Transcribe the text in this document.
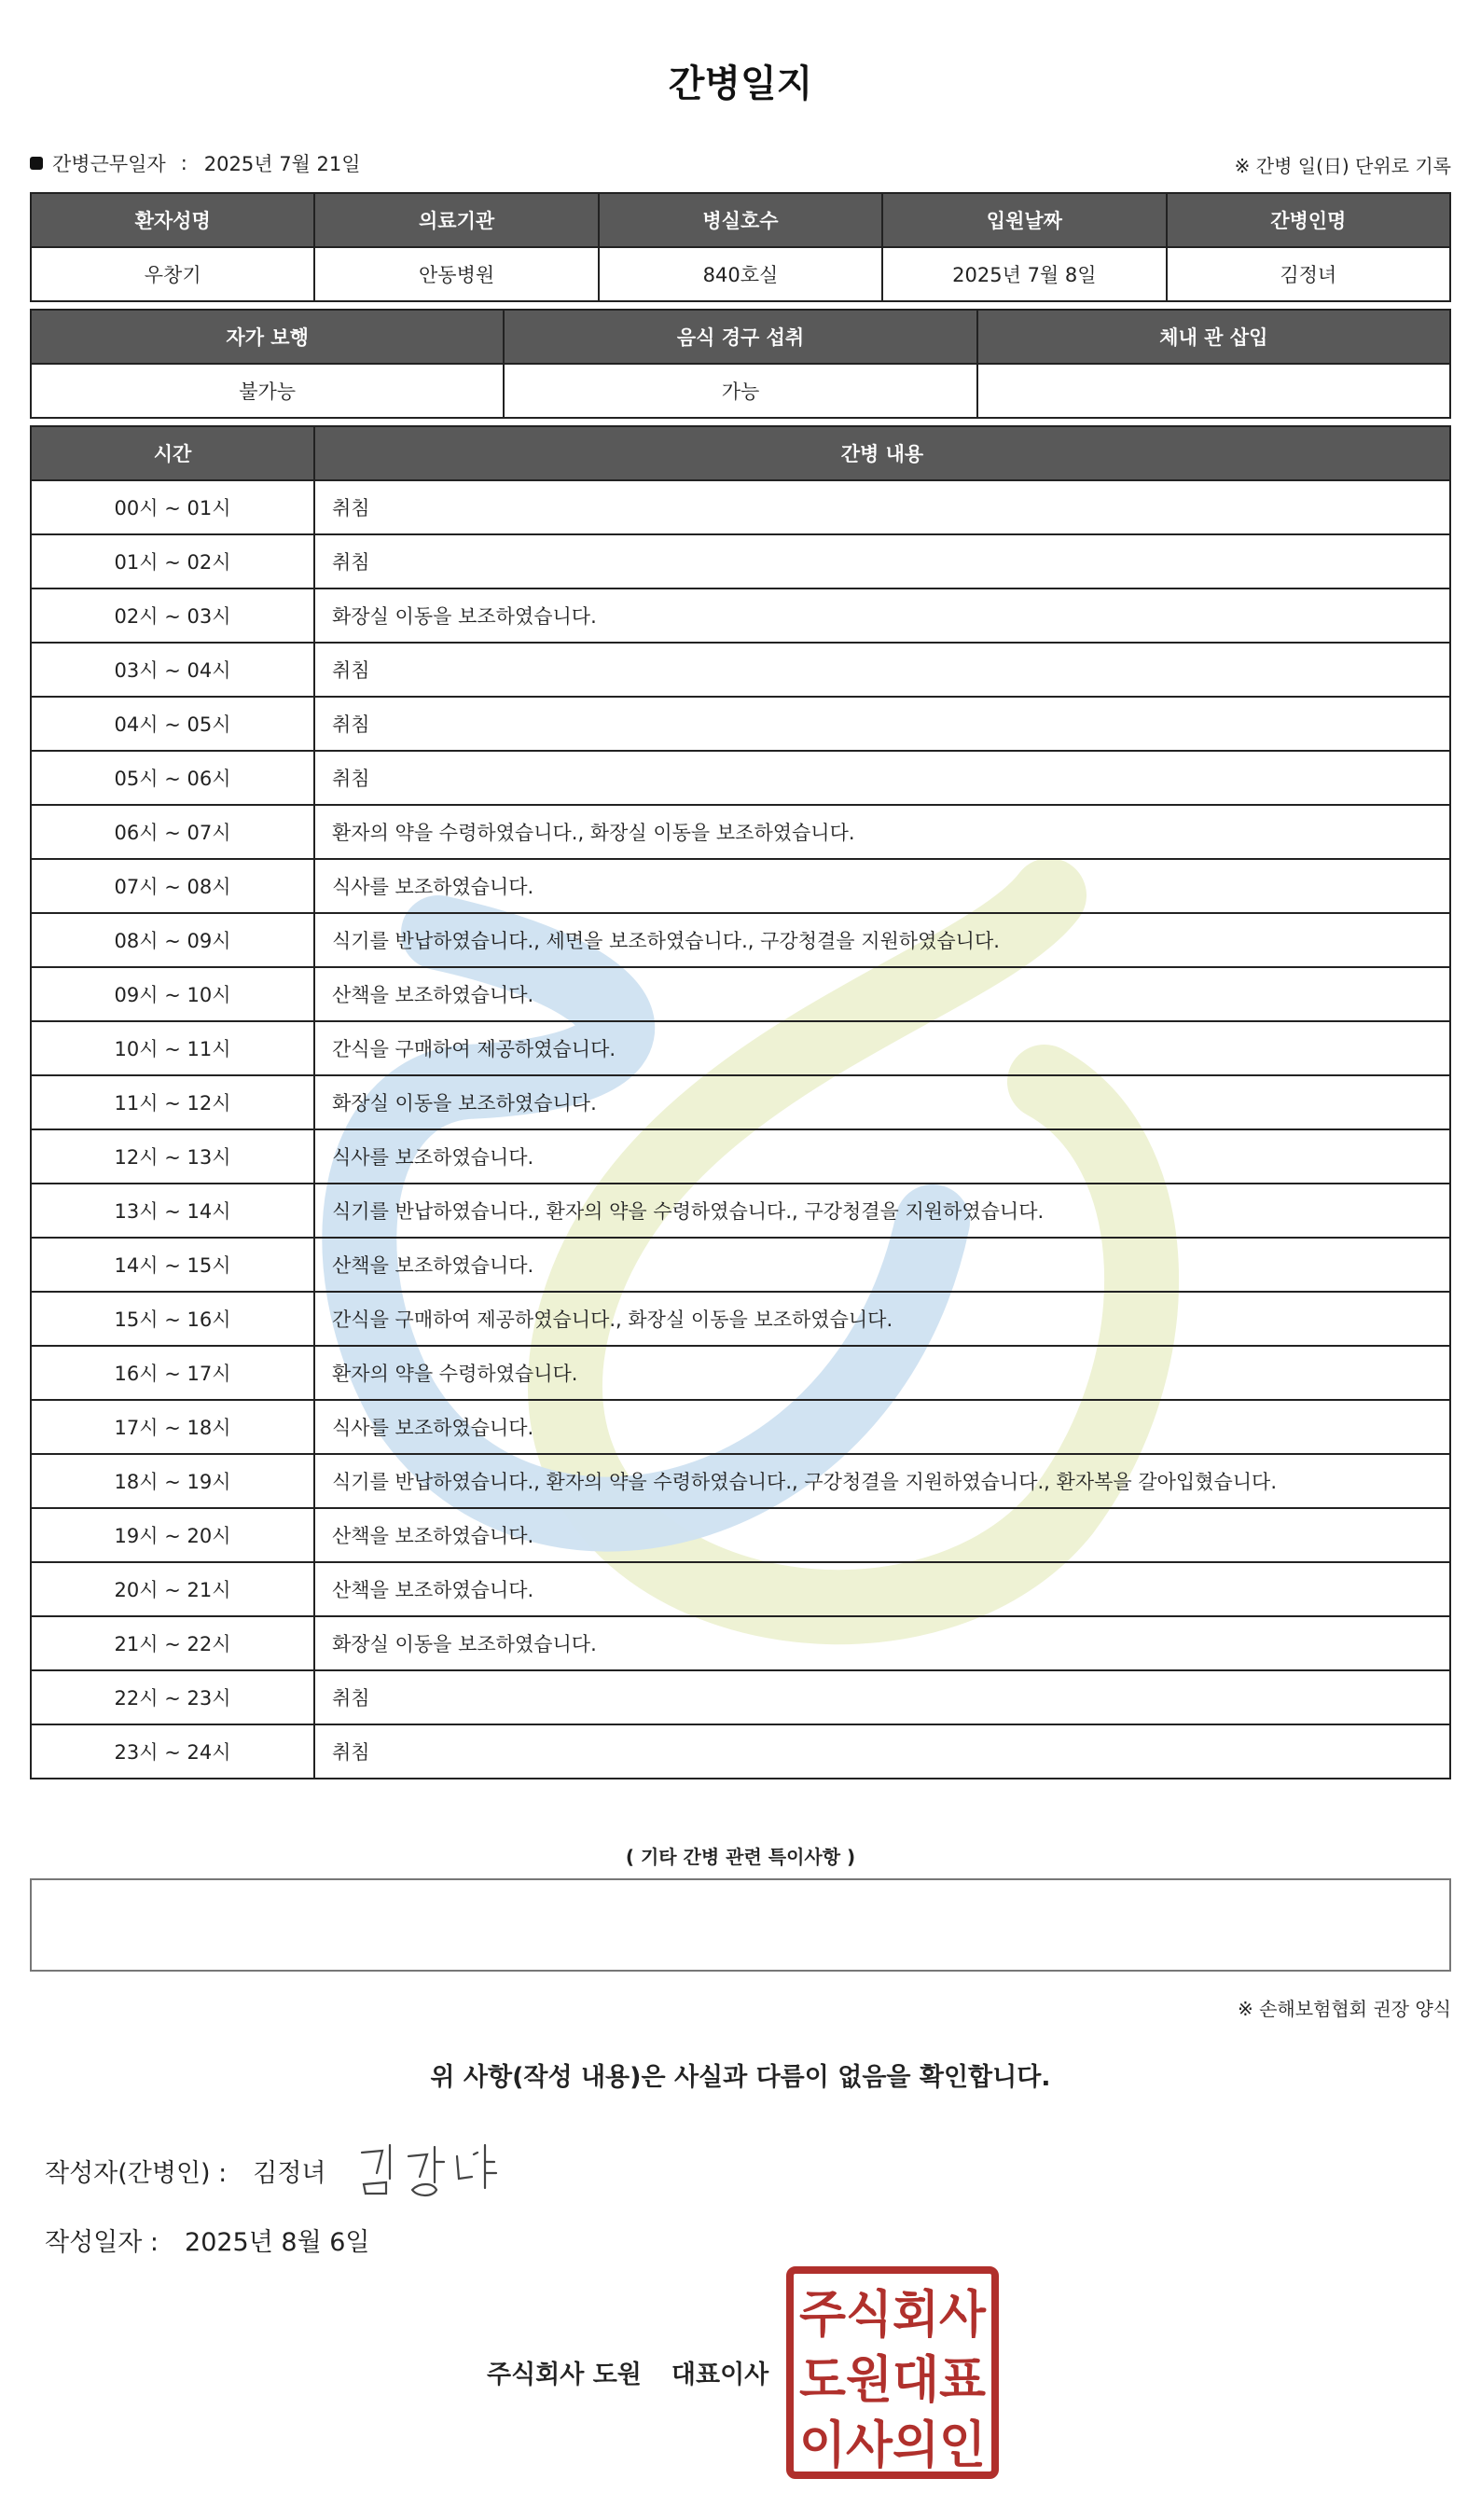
간병일지
간병근무일자 : 2025년 7월 21일	※ 간병 일(日) 단위로 기록
환자성명	의료기관	병실호수	입원날짜	간병인명
우창기	안동병원	840호실	2025년 7월 8일	김정녀
자가 보행	음식 경구 섭취	체내 관 삽입
불가능	가능	
시간	간병 내용
00시 ~ 01시	취침
01시 ~ 02시	취침
02시 ~ 03시	화장실 이동을 보조하였습니다.
03시 ~ 04시	취침
04시 ~ 05시	취침
05시 ~ 06시	취침
06시 ~ 07시	환자의 약을 수령하였습니다., 화장실 이동을 보조하였습니다.
07시 ~ 08시	식사를 보조하였습니다.
08시 ~ 09시	식기를 반납하였습니다., 세면을 보조하였습니다., 구강청결을 지원하였습니다.
09시 ~ 10시	산책을 보조하였습니다.
10시 ~ 11시	간식을 구매하여 제공하였습니다.
11시 ~ 12시	화장실 이동을 보조하였습니다.
12시 ~ 13시	식사를 보조하였습니다.
13시 ~ 14시	식기를 반납하였습니다., 환자의 약을 수령하였습니다., 구강청결을 지원하였습니다.
14시 ~ 15시	산책을 보조하였습니다.
15시 ~ 16시	간식을 구매하여 제공하였습니다., 화장실 이동을 보조하였습니다.
16시 ~ 17시	환자의 약을 수령하였습니다.
17시 ~ 18시	식사를 보조하였습니다.
18시 ~ 19시	식기를 반납하였습니다., 환자의 약을 수령하였습니다., 구강청결을 지원하였습니다., 환자복을 갈아입혔습니다.
19시 ~ 20시	산책을 보조하였습니다.
20시 ~ 21시	산책을 보조하였습니다.
21시 ~ 22시	화장실 이동을 보조하였습니다.
22시 ~ 23시	취침
23시 ~ 24시	취침
( 기타 간병 관련 특이사항 )
※ 손해보험협회 권장 양식
위 사항(작성 내용)은 사실과 다름이 없음을 확인합니다.
작성자(간병인) : 김정녀
작성일자 : 2025년 8월 6일
주식회사 도원 대표이사
주식회사
도원대표
이사의인
